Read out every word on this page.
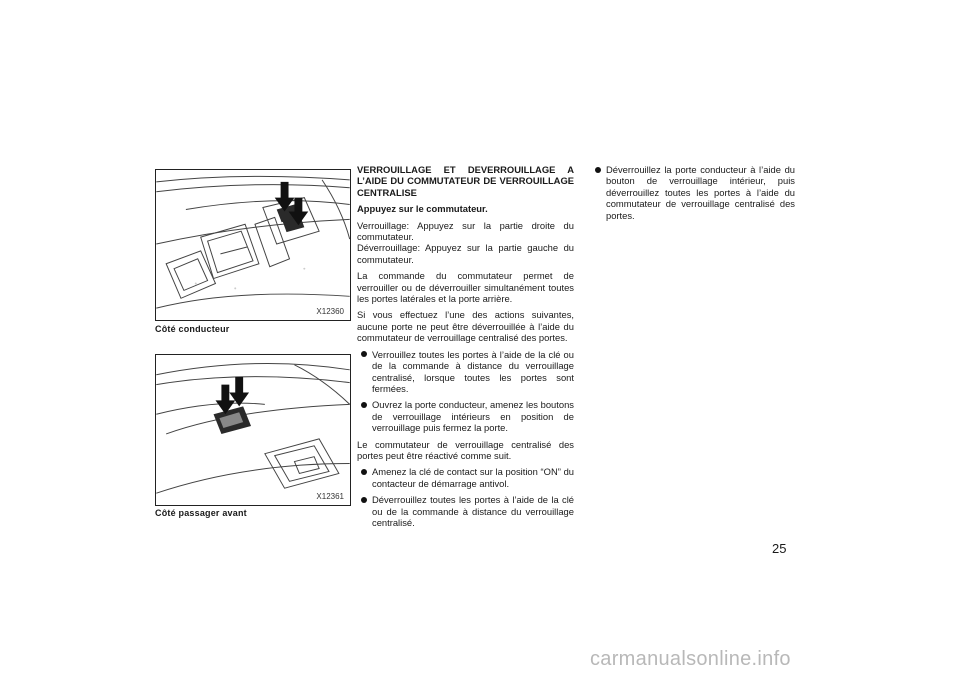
X12360
Côté conducteur
X12361
Côté passager avant

VERROUILLAGE ET DEVERROUILLAGE A L’AIDE DU COMMUTATEUR DE VERROUILLAGE CENTRALISE

Appuyez sur le commutateur.

Verrouillage: Appuyez sur la partie droite du commutateur.
Déverrouillage: Appuyez sur la partie gauche du commutateur.

La commande du commutateur permet de verrouiller ou de déverrouiller simultanément toutes les portes latérales et la porte arrière.

Si vous effectuez l’une des actions suivantes, aucune porte ne peut être déverrouillée à l’aide du commutateur de verrouillage centralisé des portes.

Verrouillez toutes les portes à l’aide de la clé ou de la commande à distance du verrouillage centralisé, lorsque toutes les portes sont fermées.
Ouvrez la porte conducteur, amenez les boutons de verrouillage intérieurs en position de verrouillage puis fermez la porte.

Le commutateur de verrouillage centralisé des portes peut être réactivé comme suit.

Amenez la clé de contact sur la position “ON” du contacteur de démarrage antivol.
Déverrouillez toutes les portes à l’aide de la clé ou de la commande à distance du verrouillage centralisé.
Déverrouillez la porte conducteur à l’aide du bouton de verrouillage intérieur, puis déverrouillez toutes les portes à l’aide du commutateur de verrouillage centralisé des portes.
25
carmanualsonline.info
